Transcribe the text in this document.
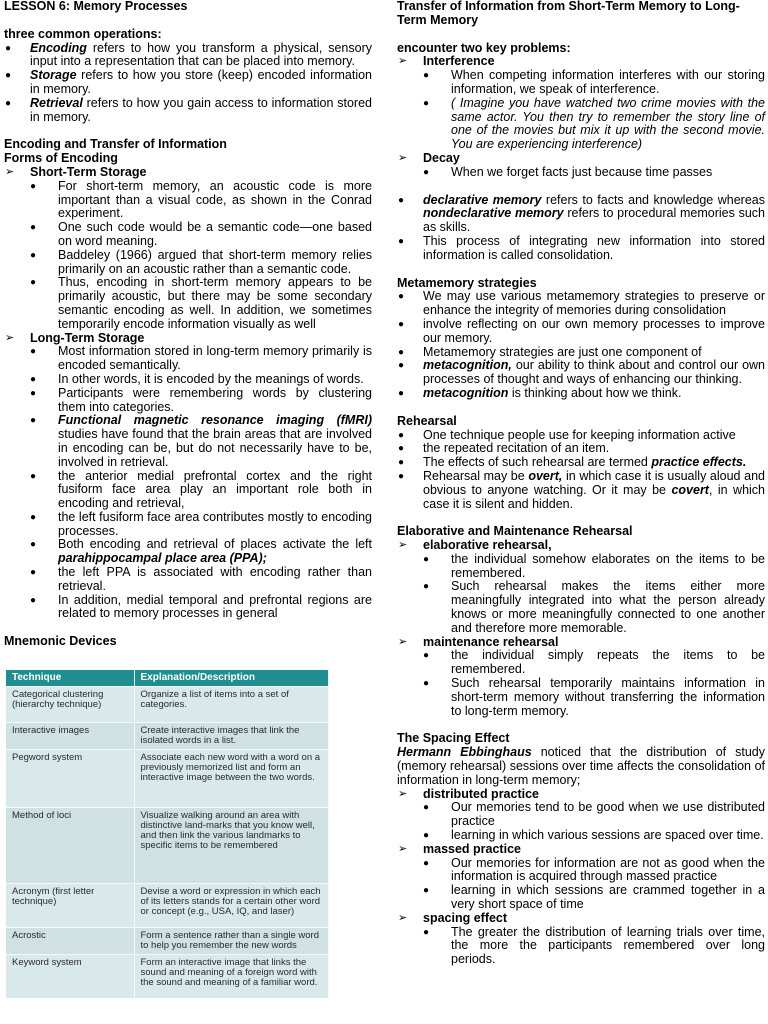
LESSON 6: Memory Processes

three common operations:

● Encoding refers to how you transform a physical, sensory input into a representation that can be placed into memory.
● Storage refers to how you store (keep) encoded information in memory.
● Retrieval refers to how you gain access to information stored in memory.

Encoding and Transfer of Information

Forms of Encoding

➢ Short-Term Storage

● For short-term memory, an acoustic code is more important than a visual code, as shown in the Conrad experiment.
● One such code would be a semantic code—one based on word meaning.
● Baddeley (1966) argued that short-term memory relies primarily on an acoustic rather than a semantic code.
● Thus, encoding in short-term memory appears to be primarily acoustic, but there may be some secondary semantic encoding as well. In addition, we sometimes temporarily encode information visually as well

➢ Long-Term Storage

● Most information stored in long-term memory primarily is encoded semantically.
● In other words, it is encoded by the meanings of words.
● Participants were remembering words by clustering them into categories.
● Functional magnetic resonance imaging (fMRI) studies have found that the brain areas that are involved in encoding can be, but do not necessarily have to be, involved in retrieval.
● the anterior medial prefrontal cortex and the right fusiform face area play an important role both in encoding and retrieval,
● the left fusiform face area contributes mostly to encoding processes.
● Both encoding and retrieval of places activate the left parahippocampal place area (PPA);
● the left PPA is associated with encoding rather than retrieval.
● In addition, medial temporal and prefrontal regions are related to memory processes in general

Mnemonic Devices

Technique	Explanation/Description
Categorical clustering (hierarchy technique)	Organize a list of items into a set of categories.
Interactive images	Create interactive images that link the isolated words in a list.
Pegword system	Associate each new word with a word on a previously memorized list and form an interactive image between the two words.
Method of loci	Visualize walking around an area with distinctive land-marks that you know well, and then link the various landmarks to specific items to be remembered
Acronym (first letter technique)	Devise a word or expression in which each of its letters stands for a certain other word or concept (e.g., USA, IQ, and laser)
Acrostic	Form a sentence rather than a single word to help you remember the new words
Keyword system	Form an interactive image that links the sound and meaning of a foreign word with the sound and meaning of a familiar word.

Transfer of Information from Short-Term Memory to Long-Term Memory

encounter two key problems:

➢ Interference

● When competing information interferes with our storing information, we speak of interference.
● ( Imagine you have watched two crime movies with the same actor. You then try to remember the story line of one of the movies but mix it up with the second movie. You are experiencing interference)

➢ Decay

● When we forget facts just because time passes
● declarative memory refers to facts and knowledge whereas nondeclarative memory refers to procedural memories such as skills.
● This process of integrating new information into stored information is called consolidation.

Metamemory strategies

● We may use various metamemory strategies to preserve or enhance the integrity of memories during consolidation
● involve reflecting on our own memory processes to improve our memory.
● Metamemory strategies are just one component of
● metacognition, our ability to think about and control our own processes of thought and ways of enhancing our thinking.
● metacognition is thinking about how we think.

Rehearsal

● One technique people use for keeping information active
● the repeated recitation of an item.
● The effects of such rehearsal are termed practice effects.
● Rehearsal may be overt, in which case it is usually aloud and obvious to anyone watching. Or it may be covert, in which case it is silent and hidden.

Elaborative and Maintenance Rehearsal

➢ elaborative rehearsal,

● the individual somehow elaborates on the items to be remembered.
● Such rehearsal makes the items either more meaningfully integrated into what the person already knows or more meaningfully connected to one another and therefore more memorable.

➢ maintenance rehearsal

● the individual simply repeats the items to be remembered.
● Such rehearsal temporarily maintains information in short-term memory without transferring the information to long-term memory.

The Spacing Effect

Hermann Ebbinghaus noticed that the distribution of study (memory rehearsal) sessions over time affects the consolidation of information in long-term memory;

➢ distributed practice

● Our memories tend to be good when we use distributed practice
● learning in which various sessions are spaced over time.

➢ massed practice

● Our memories for information are not as good when the information is acquired through massed practice
● learning in which sessions are crammed together in a very short space of time

➢ spacing effect

● The greater the distribution of learning trials over time, the more the participants remembered over long periods.
